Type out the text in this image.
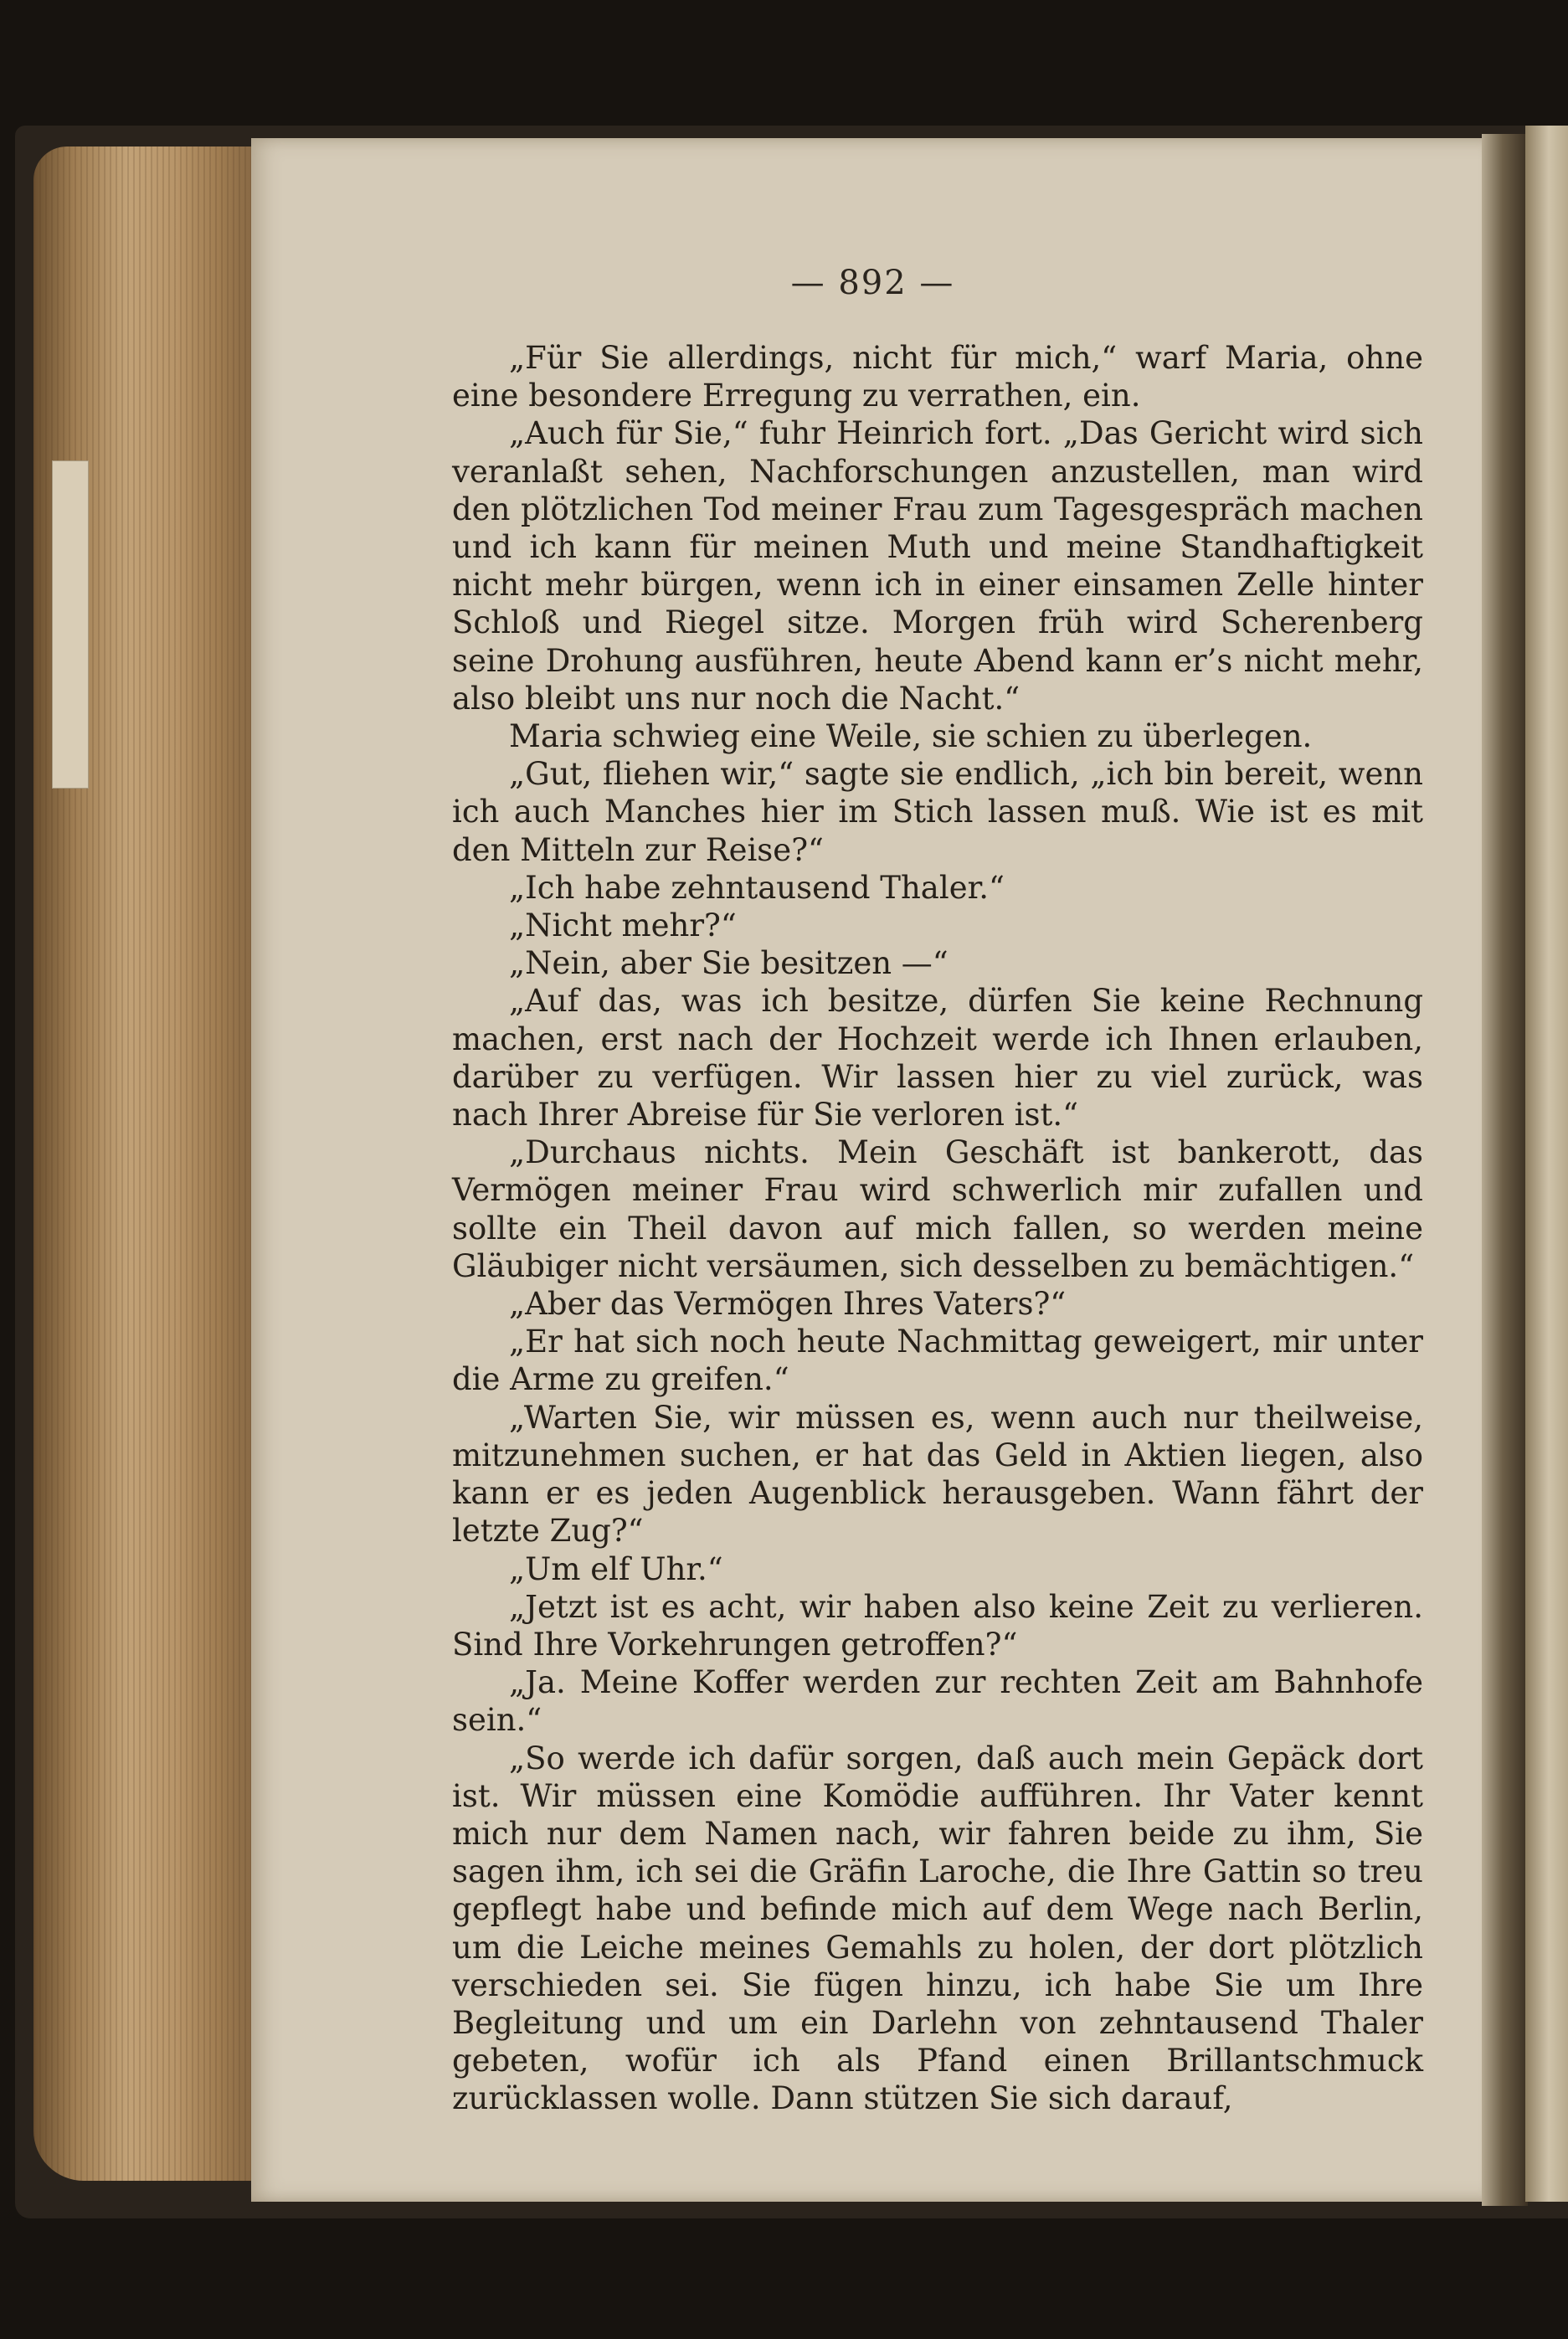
— 892 —

„Für Sie allerdings, nicht für mich,“ warf Maria, ohne eine besondere Erregung zu verrathen, ein.

„Auch für Sie,“ fuhr Heinrich fort. „Das Gericht wird sich veranlaßt sehen, Nachforschungen anzustellen, man wird den plötzlichen Tod meiner Frau zum Tagesgespräch machen und ich kann für meinen Muth und meine Standhaftigkeit nicht mehr bürgen, wenn ich in einer einsamen Zelle hinter Schloß und Riegel sitze. Morgen früh wird Scherenberg seine Drohung ausführen, heute Abend kann er’s nicht mehr, also bleibt uns nur noch die Nacht.“

Maria schwieg eine Weile, sie schien zu überlegen.

„Gut, fliehen wir,“ sagte sie endlich, „ich bin bereit, wenn ich auch Manches hier im Stich lassen muß. Wie ist es mit den Mitteln zur Reise?“

„Ich habe zehntausend Thaler.“

„Nicht mehr?“

„Nein, aber Sie besitzen —“

„Auf das, was ich besitze, dürfen Sie keine Rechnung machen, erst nach der Hochzeit werde ich Ihnen erlauben, darüber zu verfügen. Wir lassen hier zu viel zurück, was nach Ihrer Abreise für Sie verloren ist.“

„Durchaus nichts. Mein Geschäft ist bankerott, das Vermögen meiner Frau wird schwerlich mir zufallen und sollte ein Theil davon auf mich fallen, so werden meine Gläubiger nicht versäumen, sich desselben zu bemächtigen.“

„Aber das Vermögen Ihres Vaters?“

„Er hat sich noch heute Nachmittag geweigert, mir unter die Arme zu greifen.“

„Warten Sie, wir müssen es, wenn auch nur theilweise, mitzunehmen suchen, er hat das Geld in Aktien liegen, also kann er es jeden Augenblick herausgeben. Wann fährt der letzte Zug?“

„Um elf Uhr.“

„Jetzt ist es acht, wir haben also keine Zeit zu verlieren. Sind Ihre Vorkehrungen getroffen?“

„Ja. Meine Koffer werden zur rechten Zeit am Bahnhofe sein.“

„So werde ich dafür sorgen, daß auch mein Gepäck dort ist. Wir müssen eine Komödie aufführen. Ihr Vater kennt mich nur dem Namen nach, wir fahren beide zu ihm, Sie sagen ihm, ich sei die Gräfin Laroche, die Ihre Gattin so treu gepflegt habe und befinde mich auf dem Wege nach Berlin, um die Leiche meines Gemahls zu holen, der dort plötzlich verschieden sei. Sie fügen hinzu, ich habe Sie um Ihre Begleitung und um ein Darlehn von zehntausend Thaler gebeten, wofür ich als Pfand einen Brillantschmuck zurücklassen wolle. Dann stützen Sie sich darauf,
